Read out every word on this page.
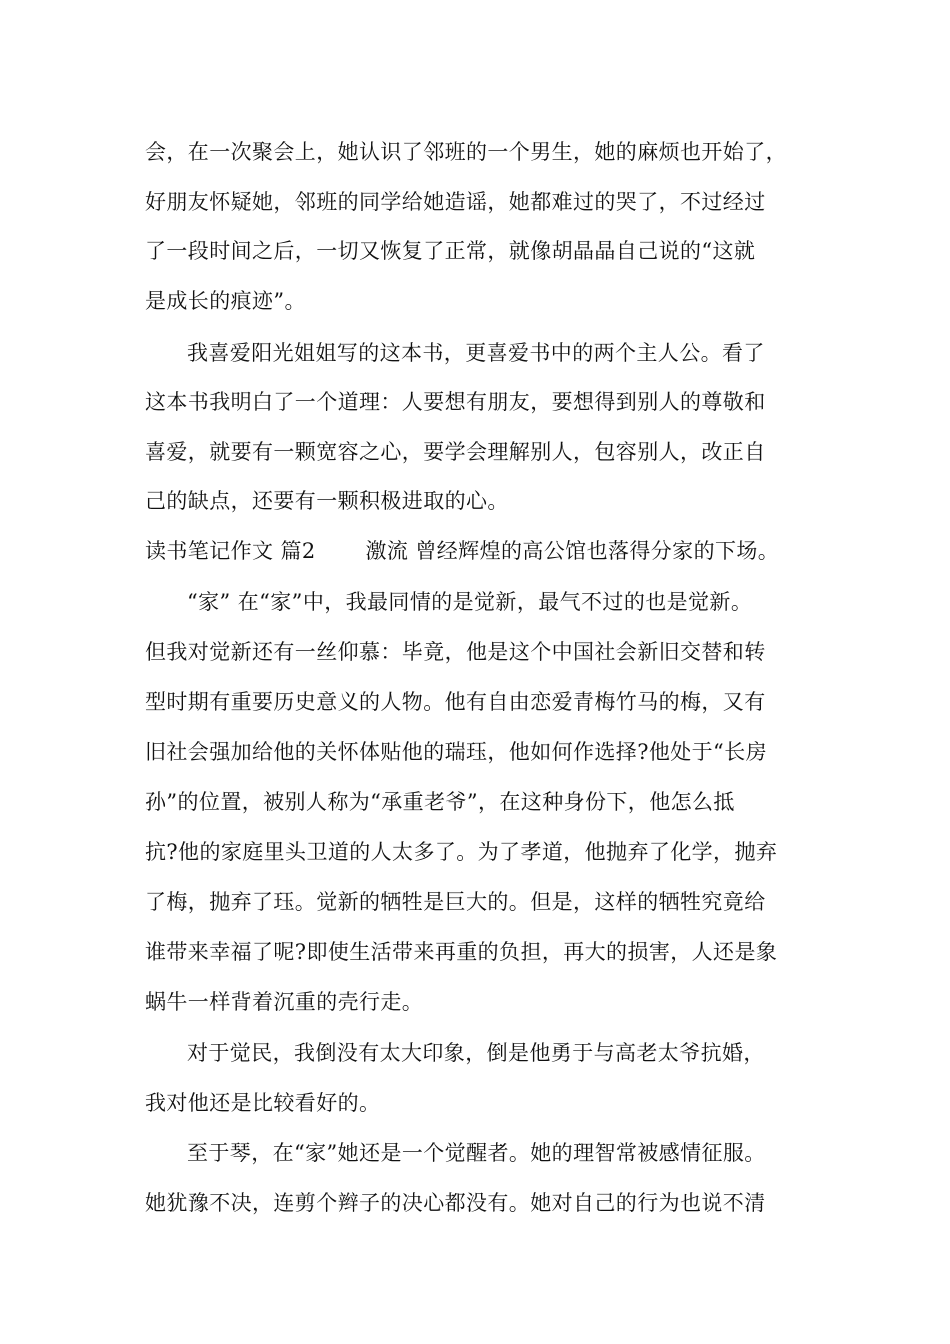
会，在一次聚会上，她认识了邻班的一个男生，她的麻烦也开始了，
好朋友怀疑她，邻班的同学给她造谣，她都难过的哭了，不过经过
了一段时间之后，一切又恢复了正常，就像胡晶晶自己说的“这就
是成长的痕迹”。
我喜爱阳光姐姐写的这本书，更喜爱书中的两个主人公。看了
这本书我明白了一个道理：人要想有朋友，要想得到别人的尊敬和
喜爱，就要有一颗宽容之心，要学会理解别人，包容别人，改正自
己的缺点，还要有一颗积极进取的心。
读书笔记作文 篇2　　 激流 曾经辉煌的高公馆也落得分家的下场。
“家” 在“家”中，我最同情的是觉新，最气不过的也是觉新。
但我对觉新还有一丝仰慕：毕竟，他是这个中国社会新旧交替和转
型时期有重要历史意义的人物。他有自由恋爱青梅竹马的梅，又有
旧社会强加给他的关怀体贴他的瑞珏，他如何作选择?他处于“长房
孙”的位置，被别人称为“承重老爷”，在这种身份下，他怎么抵
抗?他的家庭里头卫道的人太多了。为了孝道，他抛弃了化学，抛弃
了梅，抛弃了珏。觉新的牺牲是巨大的。但是，这样的牺牲究竟给
谁带来幸福了呢?即使生活带来再重的负担，再大的损害，人还是象
蜗牛一样背着沉重的壳行走。
对于觉民，我倒没有太大印象，倒是他勇于与高老太爷抗婚，
我对他还是比较看好的。
至于琴，在“家”她还是一个觉醒者。她的理智常被感情征服。
她犹豫不决，连剪个辫子的决心都没有。她对自己的行为也说不清
